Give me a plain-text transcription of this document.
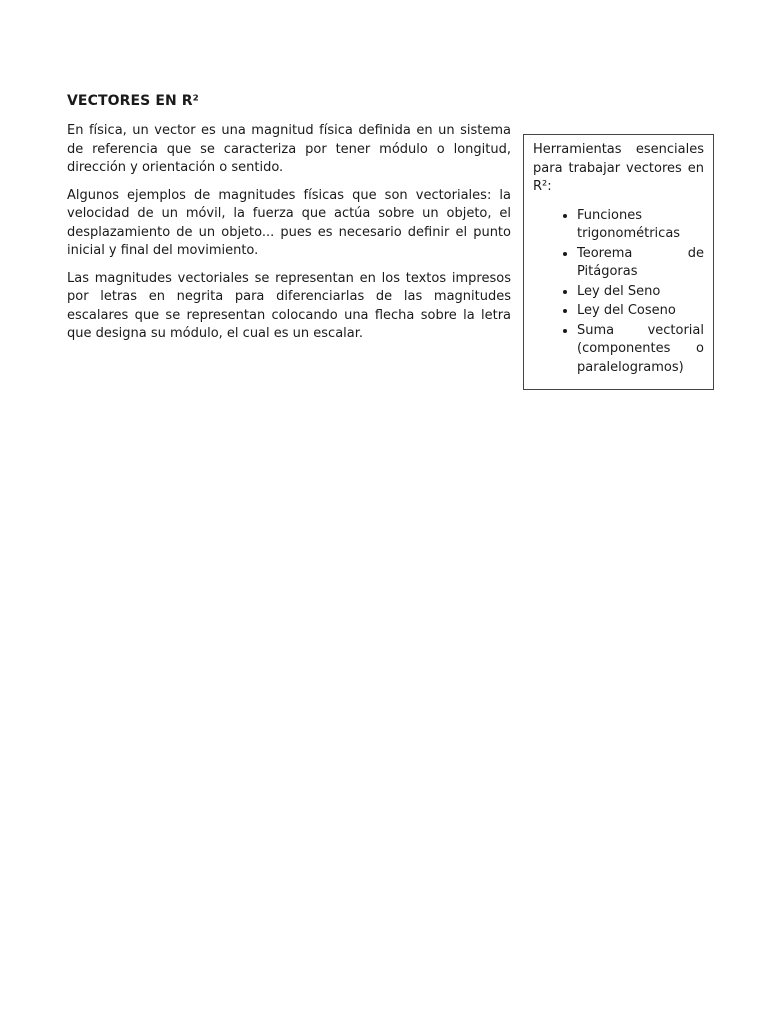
VECTORES EN R²

En física, un vector es una magnitud física definida en un sistema de referencia que se caracteriza por tener módulo o longitud, dirección y orientación o sentido.

Algunos ejemplos de magnitudes físicas que son vectoriales: la velocidad de un móvil, la fuerza que actúa sobre un objeto, el desplazamiento de un objeto... pues es necesario definir el punto inicial y final del movimiento.

Las magnitudes vectoriales se representan en los textos impresos por letras en negrita para diferenciarlas de las magnitudes escalares que se representan colocando una flecha sobre la letra que designa su módulo, el cual es un escalar.

Herramientas esenciales para trabajar vectores en R²:

• Funciones trigonométricas
• Teorema de Pitágoras
• Ley del Seno
• Ley del Coseno
• Suma vectorial (componentes o paralelogramos)
